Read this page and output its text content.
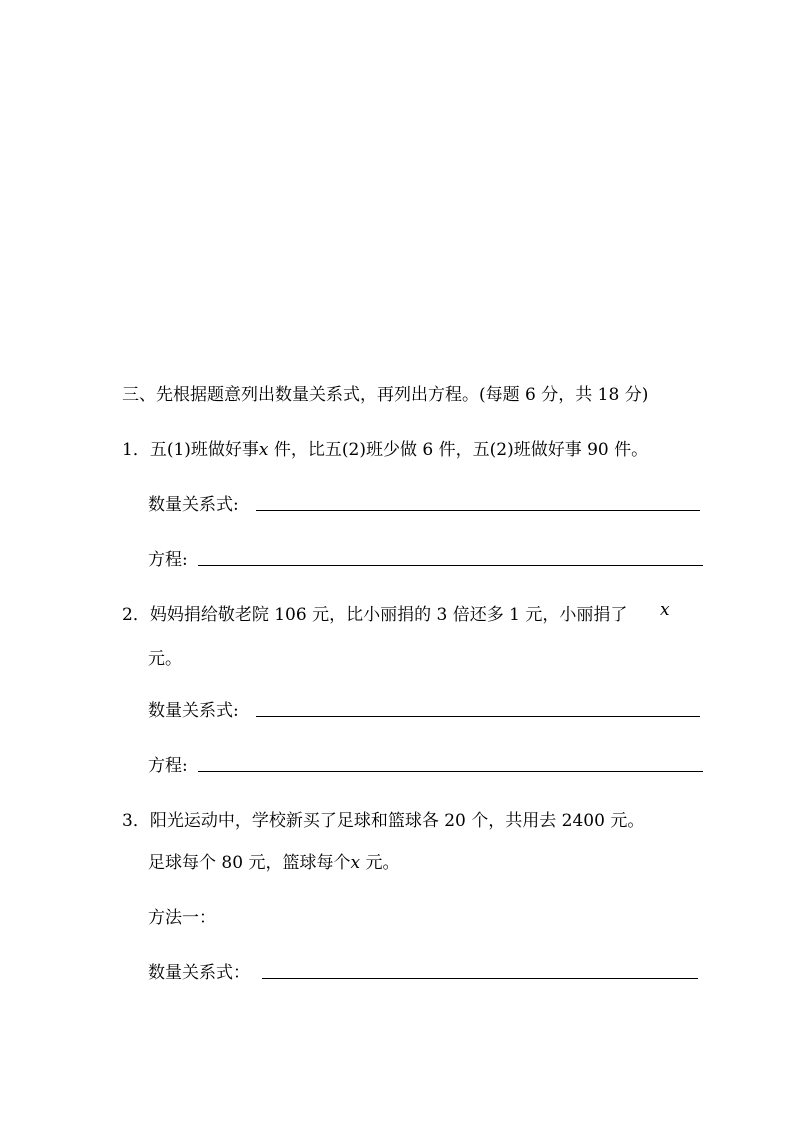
三、先根据题意列出数量关系式，再列出方程。(每题 6 分，共 18 分)
1．五(1)班做好事x 件，比五(2)班少做 6 件，五(2)班做好事 90 件。
数量关系式:
方程:
2．妈妈捐给敬老院 106 元，比小丽捐的 3 倍还多 1 元，小丽捐了 x
元。
数量关系式:
方程:
3．阳光运动中，学校新买了足球和篮球各 20 个，共用去 2400 元。
足球每个 80 元，篮球每个x 元。
方法一：
数量关系式：
